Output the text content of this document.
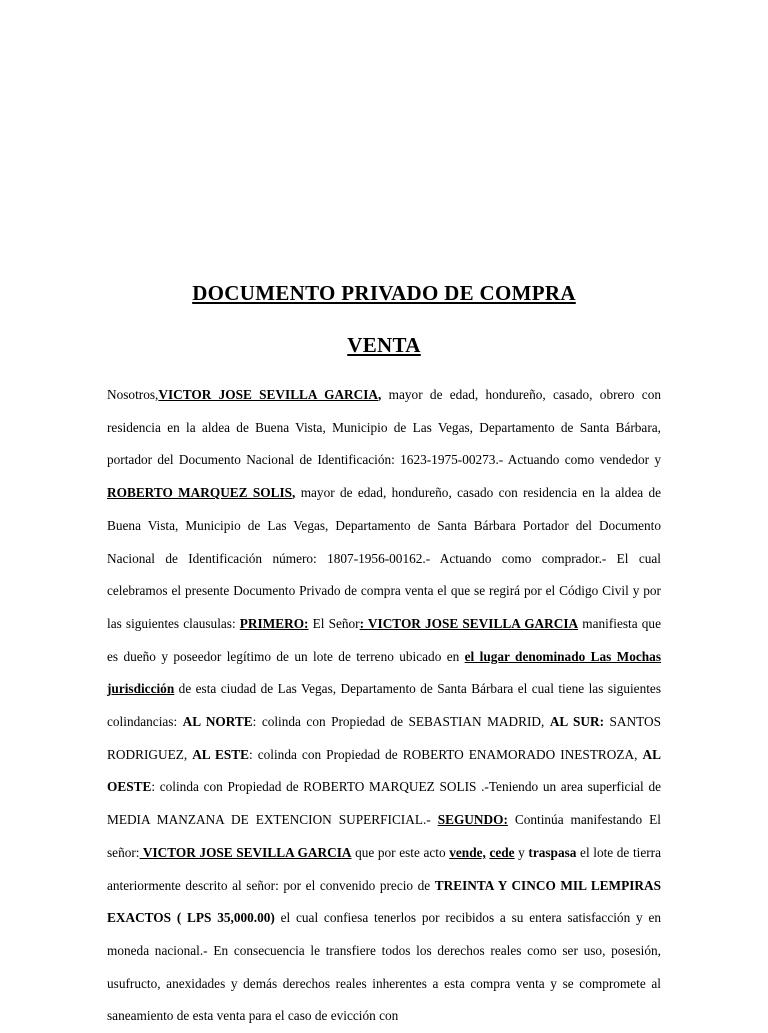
DOCUMENTO PRIVADO DE COMPRA
VENTA
Nosotros,VICTOR JOSE SEVILLA GARCIA, mayor de edad, hondureño, casado, obrero con residencia en la aldea de Buena Vista, Municipio de Las Vegas, Departamento de Santa Bárbara, portador del Documento Nacional de Identificación: 1623-1975-00273.- Actuando como vendedor y ROBERTO MARQUEZ SOLIS, mayor de edad, hondureño, casado con residencia en la aldea de Buena Vista, Municipio de Las Vegas, Departamento de Santa Bárbara Portador del Documento Nacional de Identificación número: 1807-1956-00162.- Actuando como comprador.- El cual celebramos el presente Documento Privado de compra venta el que se regirá por el Código Civil y por las siguientes clausulas: PRIMERO: El Señor: VICTOR JOSE SEVILLA GARCIA manifiesta que es dueño y poseedor legítimo de un lote de terreno ubicado en el lugar denominado Las Mochas jurisdicción de esta ciudad de Las Vegas, Departamento de Santa Bárbara el cual tiene las siguientes colindancias: AL NORTE: colinda con Propiedad de SEBASTIAN MADRID, AL SUR: SANTOS RODRIGUEZ, AL ESTE: colinda con Propiedad de ROBERTO ENAMORADO INESTROZA, AL OESTE: colinda con Propiedad de ROBERTO MARQUEZ SOLIS .-Teniendo un area superficial de MEDIA MANZANA DE EXTENCION SUPERFICIAL.- SEGUNDO: Continúa manifestando El señor: VICTOR JOSE SEVILLA GARCIA que por este acto vende, cede y traspasa el lote de tierra anteriormente descrito al señor: por el convenido precio de TREINTA Y CINCO MIL LEMPIRAS EXACTOS ( LPS 35,000.00) el cual confiesa tenerlos por recibidos a su entera satisfacción y en moneda nacional.- En consecuencia le transfiere todos los derechos reales como ser uso, posesión, usufructo, anexidades y demás derechos reales inherentes a esta compra venta y se compromete al saneamiento de esta venta para el caso de evicción con
